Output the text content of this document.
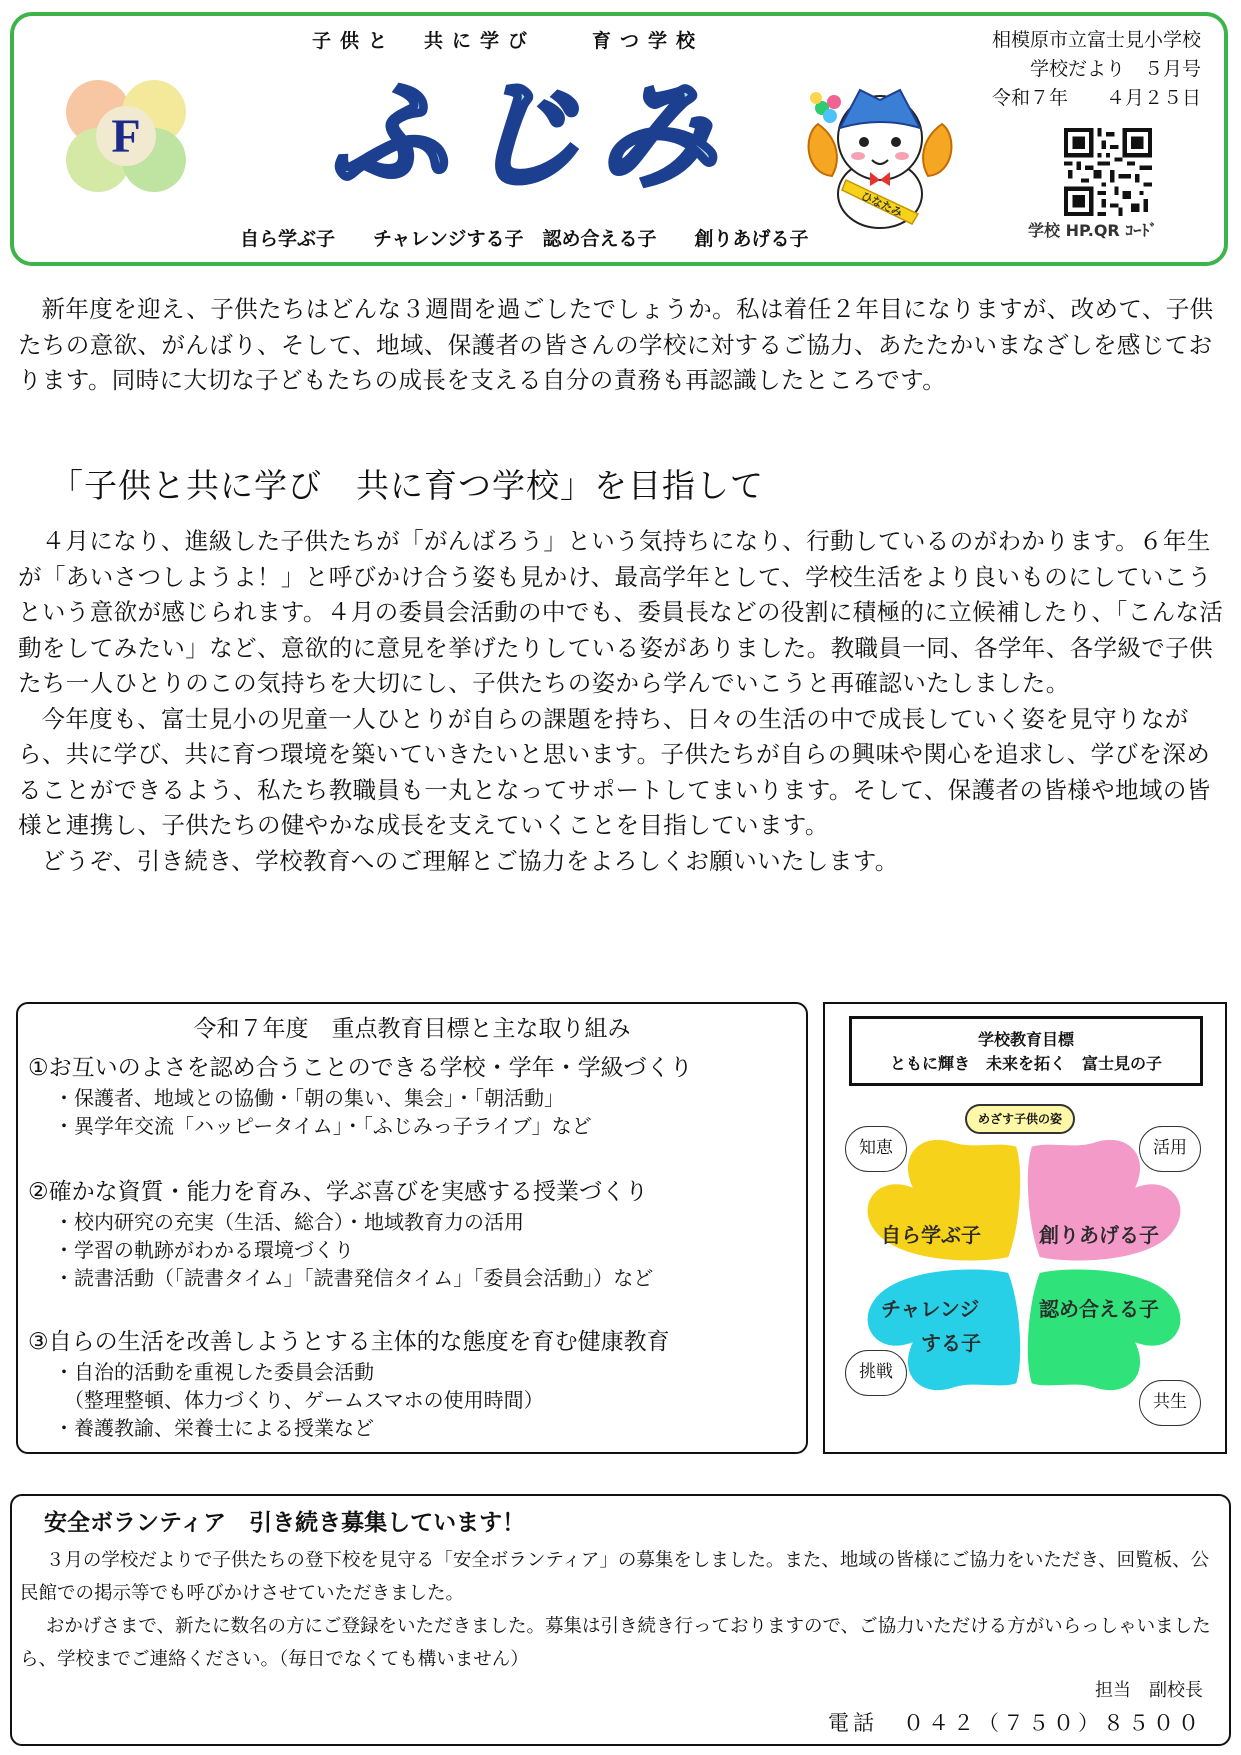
子供と　共に学び　　育つ学校
F ふじみ
ひなたみ
相模原市立富士見小学校
学校だより　５月号
令和７年　　４月２５日
学校 HP.QR ｺｰﾄﾞ
自ら学ぶ子　　チャレンジする子　認め合える子　　創りあげる子
新年度を迎え、子供たちはどんな３週間を過ごしたでしょうか。私は着任２年目になりますが、改めて、子供たちの意欲、がんばり、そして、地域、保護者の皆さんの学校に対するご協力、あたたかいまなざしを感じております。同時に大切な子どもたちの成長を支える自分の責務も再認識したところです。
「子供と共に学び　共に育つ学校」を目指して

４月になり、進級した子供たちが「がんばろう」という気持ちになり、行動しているのがわかります。６年生が「あいさつしようよ！」と呼びかけ合う姿も見かけ、最高学年として、学校生活をより良いものにしていこうという意欲が感じられます。４月の委員会活動の中でも、委員長などの役割に積極的に立候補したり、「こんな活動をしてみたい」など、意欲的に意見を挙げたりしている姿がありました。教職員一同、各学年、各学級で子供たち一人ひとりのこの気持ちを大切にし、子供たちの姿から学んでいこうと再確認いたしました。

今年度も、富士見小の児童一人ひとりが自らの課題を持ち、日々の生活の中で成長していく姿を見守りながら、共に学び、共に育つ環境を築いていきたいと思います。子供たちが自らの興味や関心を追求し、学びを深めることができるよう、私たち教職員も一丸となってサポートしてまいります。そして、保護者の皆様や地域の皆様と連携し、子供たちの健やかな成長を支えていくことを目指しています。

どうぞ、引き続き、学校教育へのご理解とご協力をよろしくお願いいたします。

令和７年度　重点教育目標と主な取り組み
①お互いのよさを認め合うことのできる学校・学年・学級づくり
・保護者、地域との協働・「朝の集い、集会」・「朝活動」
・異学年交流「ハッピータイム」・「ふじみっ子ライブ」など
②確かな資質・能力を育み、学ぶ喜びを実感する授業づくり
・校内研究の充実（生活、総合）・地域教育力の活用
・学習の軌跡がわかる環境づくり
・読書活動（「読書タイム」「読書発信タイム」「委員会活動」）など
③自らの生活を改善しようとする主体的な態度を育む健康教育
・自治的活動を重視した委員会活動
（整理整頓、体力づくり、ゲームスマホの使用時間）
・養護教諭、栄養士による授業など
学校教育目標
ともに輝き　未来を拓く　富士見の子
めざす子供の姿
知恵	活用
挑戦
共生
自ら学ぶ子	創りあげる子
チャレンジ
　　する子
認め合える子
安全ボランティア　引き続き募集しています！

３月の学校だよりで子供たちの登下校を見守る「安全ボランティア」の募集をしました。また、地域の皆様にご協力をいただき、回覧板、公民館での掲示等でも呼びかけさせていただきました。

おかげさまで、新たに数名の方にご登録をいただきました。募集は引き続き行っておりますので、ご協力いただける方がいらっしゃいましたら、学校までご連絡ください。（毎日でなくても構いません）

担当　副校長
電話　０４２（７５０）８５００
